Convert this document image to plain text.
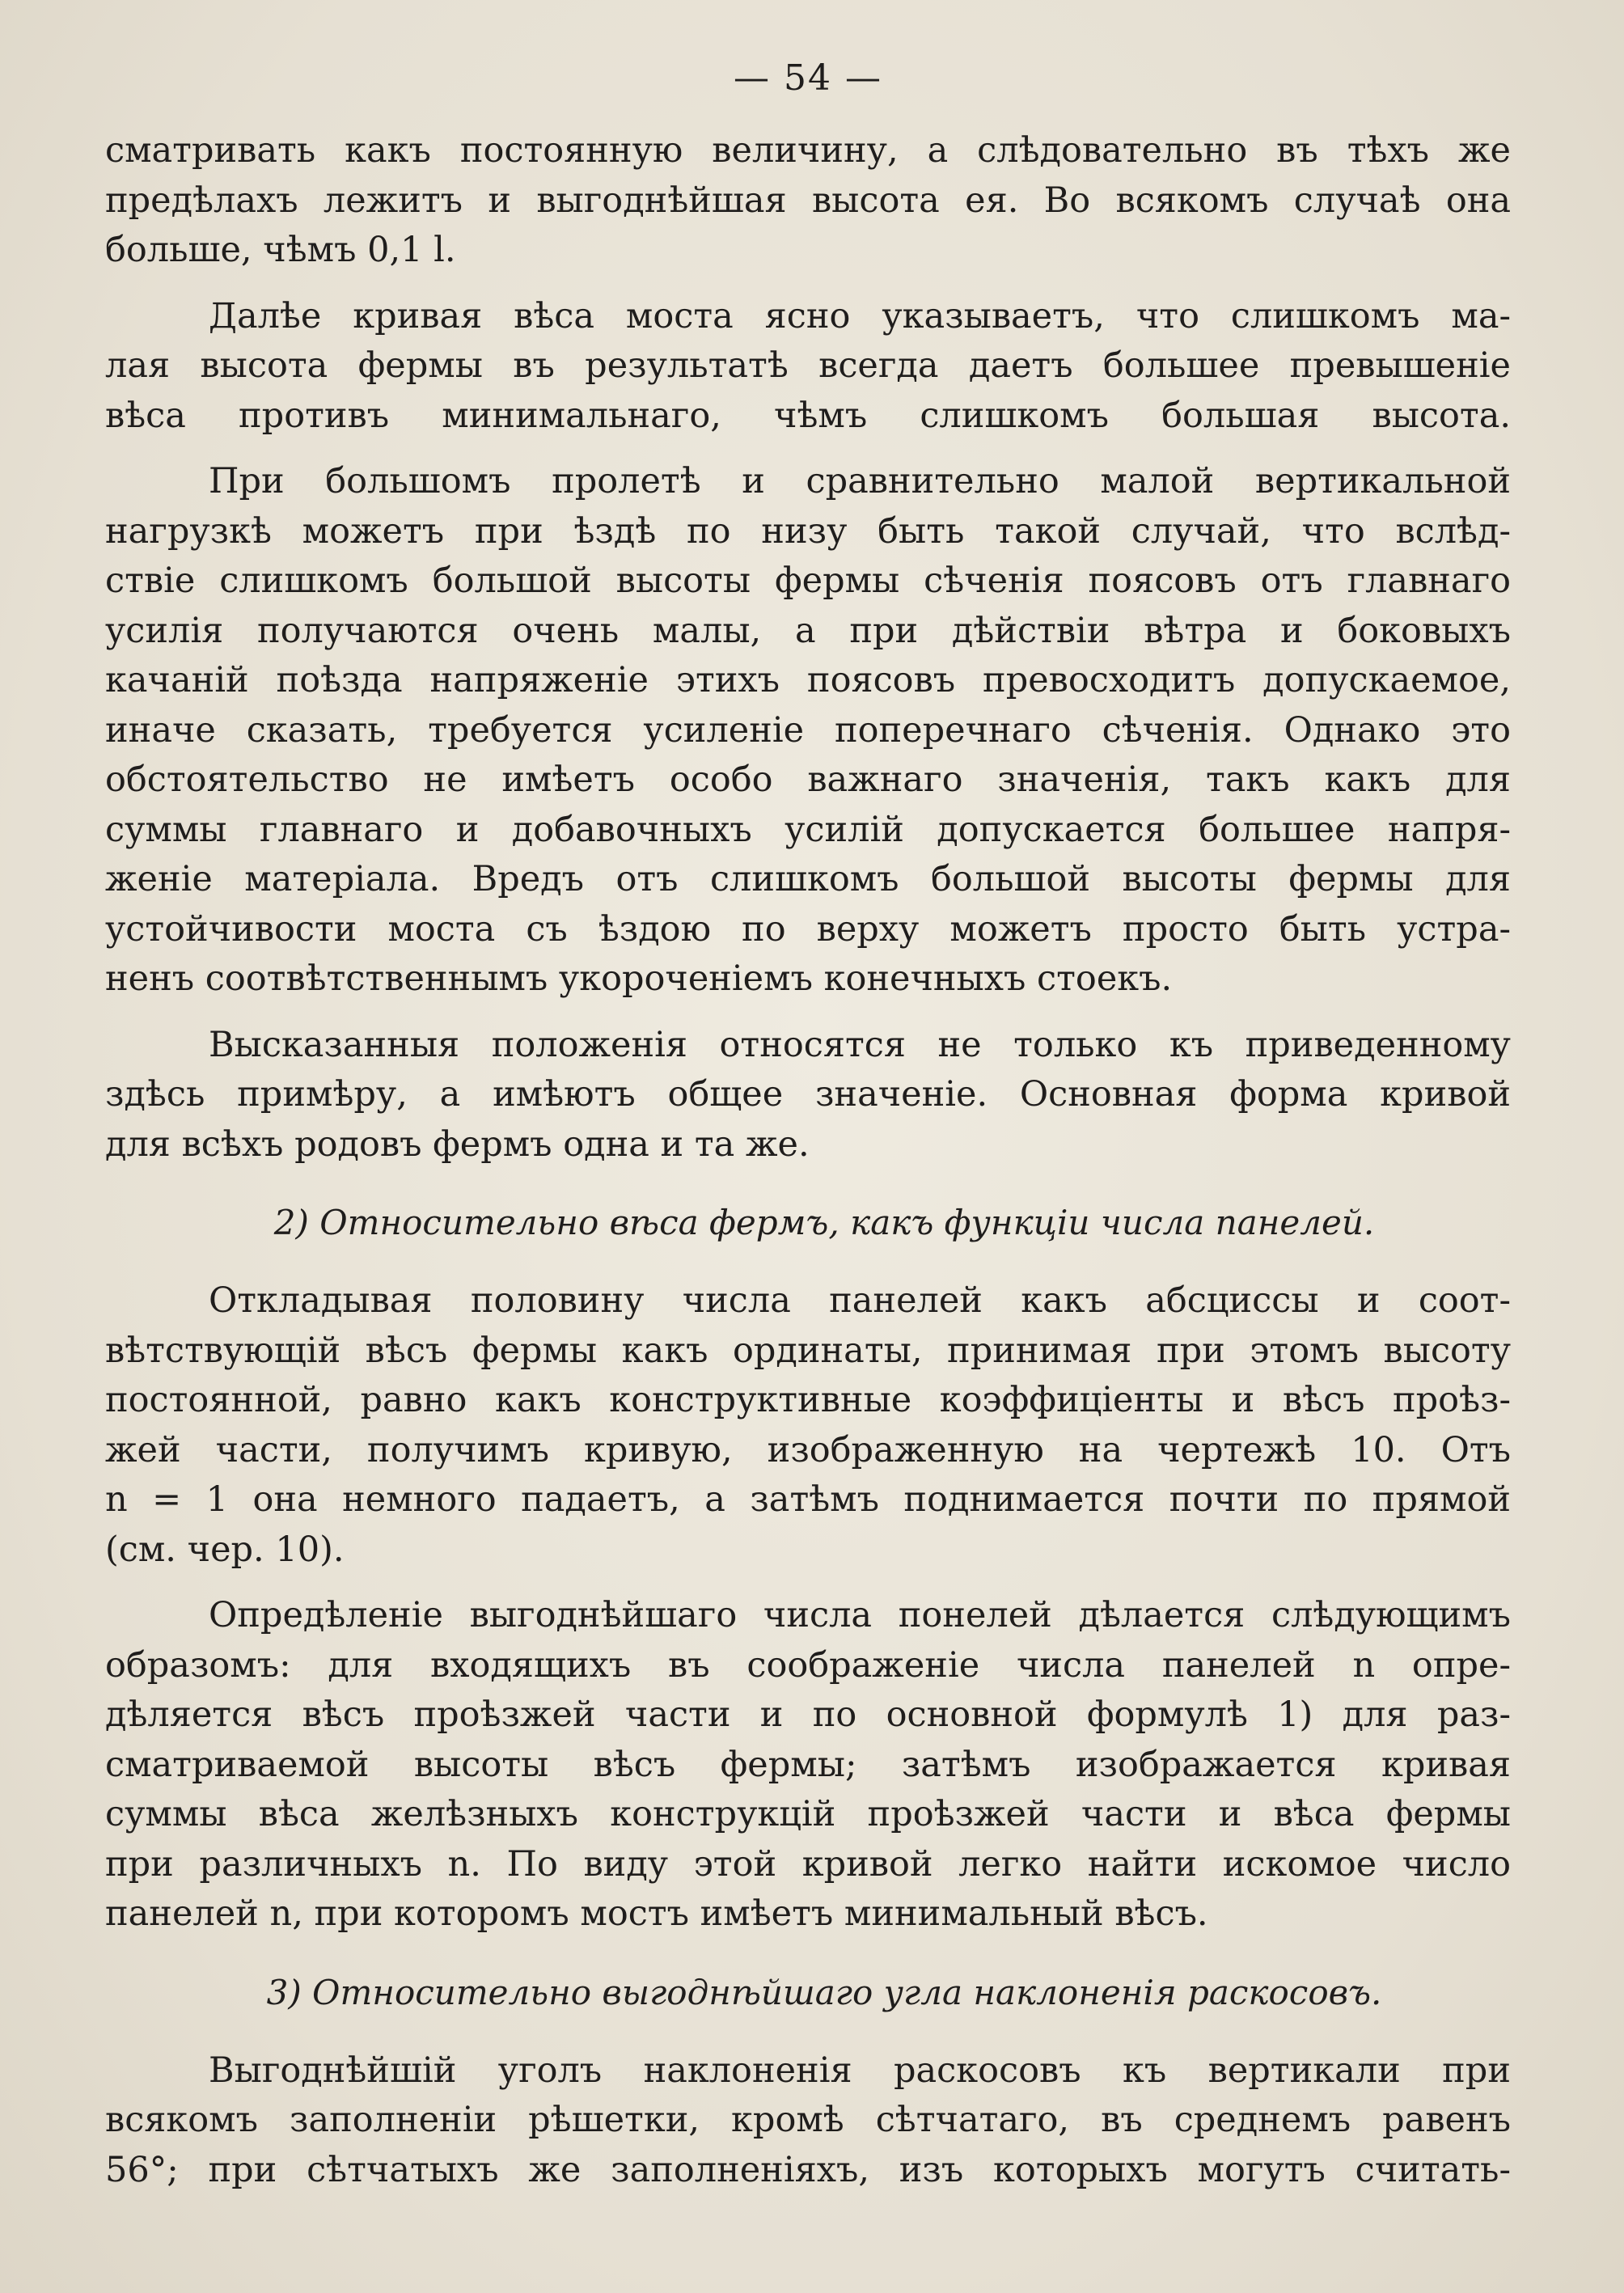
— 54 —

сматривать какъ постоянную величину, а слѣдовательно въ тѣхъ же
предѣлахъ лежитъ и выгоднѣйшая высота ея. Во всякомъ случаѣ она
больше, чѣмъ 0,1 l.

Далѣе кривая вѣса моста ясно указываетъ, что слишкомъ ма-
лая высота фермы въ результатѣ всегда даетъ большее превышеніе
вѣса противъ минимальнаго, чѣмъ слишкомъ большая высота.

При большомъ пролетѣ и сравнительно малой вертикальной
нагрузкѣ можетъ при ѣздѣ по низу быть такой случай, что вслѣд-
ствіе слишкомъ большой высоты фермы сѣченія поясовъ отъ главнаго
усилія получаются очень малы, а при дѣйствіи вѣтра и боковыхъ
качаній поѣзда напряженіе этихъ поясовъ превосходитъ допускаемое,
иначе сказать, требуется усиленіе поперечнаго сѣченія. Однако это
обстоятельство не имѣетъ особо важнаго значенія, такъ какъ для
суммы главнаго и добавочныхъ усилій допускается большее напря-
женіе матеріала. Вредъ отъ слишкомъ большой высоты фермы для
устойчивости моста съ ѣздою по верху можетъ просто быть устра-
ненъ соотвѣтственнымъ укороченіемъ конечныхъ стоекъ.

Высказанныя положенія относятся не только къ приведенному
здѣсь примѣру, а имѣютъ общее значеніе. Основная форма кривой
для всѣхъ родовъ фермъ одна и та же.

2) Относительно вѣса фермъ, какъ функціи числа панелей.

Откладывая половину числа панелей какъ абсциссы и соот-
вѣтствующій вѣсъ фермы какъ ординаты, принимая при этомъ высоту
постоянной, равно какъ конструктивные коэффиціенты и вѣсъ проѣз-
жей части, получимъ кривую, изображенную на чертежѣ 10. Отъ
n = 1 она немного падаетъ, а затѣмъ поднимается почти по прямой
(см. чер. 10).

Опредѣленіе выгоднѣйшаго числа понелей дѣлается слѣдующимъ
образомъ: для входящихъ въ соображеніе числа панелей n опре-
дѣляется вѣсъ проѣзжей части и по основной формулѣ 1) для раз-
сматриваемой высоты вѣсъ фермы; затѣмъ изображается кривая
суммы вѣса желѣзныхъ конструкцій проѣзжей части и вѣса фермы
при различныхъ n. По виду этой кривой легко найти искомое число
панелей n, при которомъ мостъ имѣетъ минимальный вѣсъ.

3) Относительно выгоднѣйшаго угла наклоненія раскосовъ.

Выгоднѣйшій уголъ наклоненія раскосовъ къ вертикали при
всякомъ заполненіи рѣшетки, кромѣ сѣтчатаго, въ среднемъ равенъ
56°; при сѣтчатыхъ же заполненіяхъ, изъ которыхъ могутъ считать-
